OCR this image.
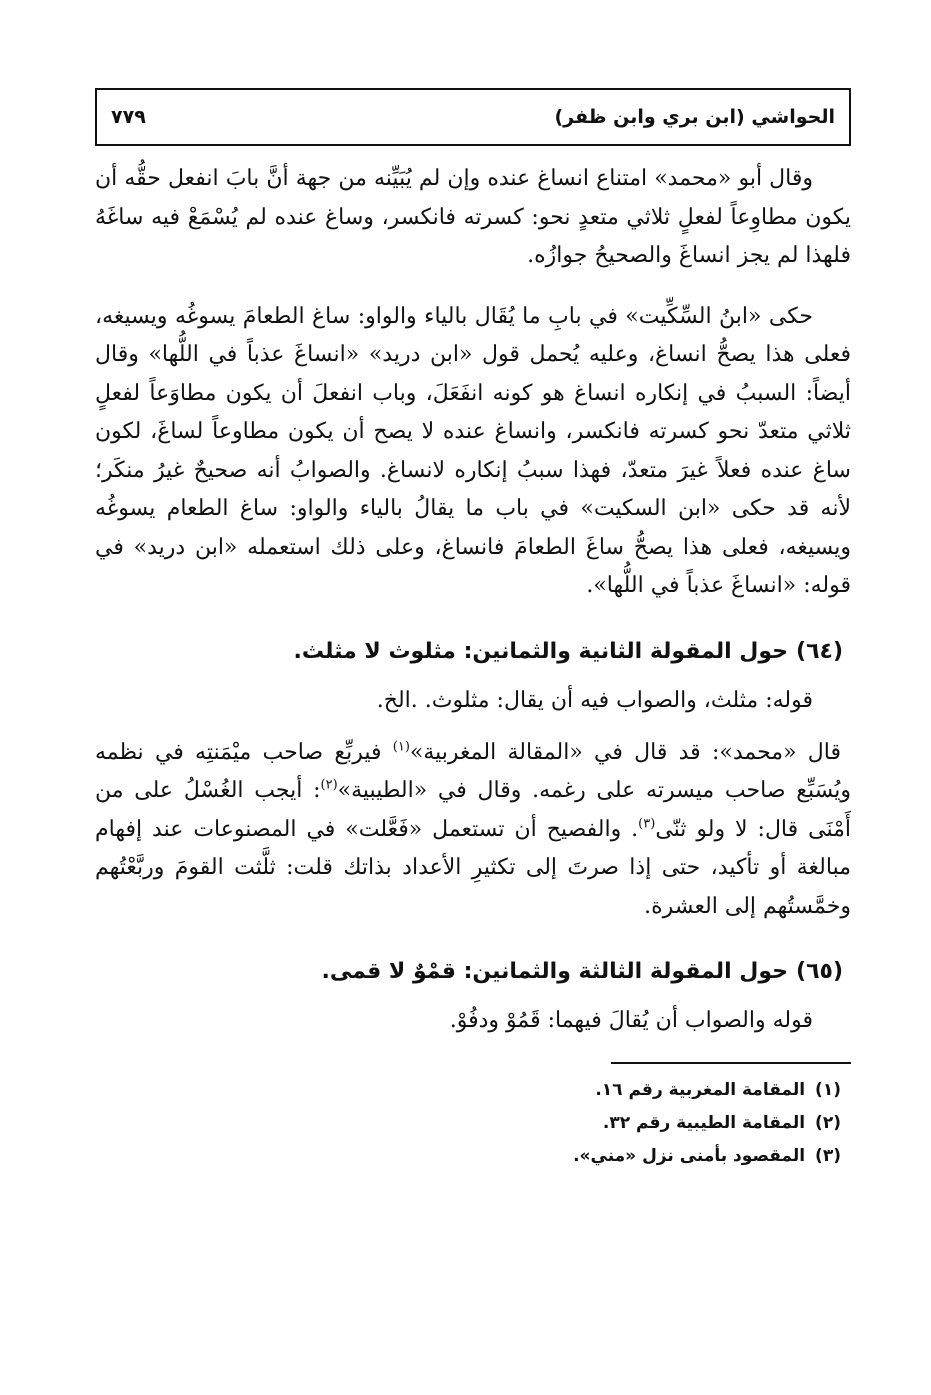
الحواشي (ابن بري وابن ظفر)
٧٧٩

وقال أبو «محمد» امتناع انساغ عنده وإن لم يُبَيِّنه من جهة أنَّ بابَ انفعل حقُّه أن يكون مطاوِعاً لفعلٍ ثلاثي متعدٍ نحو: كسرته فانكسر، وساغ عنده لم يُسْمَعْ فيه ساغَهُ فلهذا لم يجز انساغَ والصحيحُ جوازُه.

حكى «ابنُ السِّكِّيت» في بابِ ما يُقَال بالياء والواو: ساغ الطعامَ يسوغُه ويسيغه، فعلى هذا يصحُّ انساغ، وعليه يُحمل قول «ابن دريد» «انساغَ عذباً في اللُّها» وقال أيضاً: السببُ في إنكاره انساغ هو كونه انفَعَلَ، وباب انفعلَ أن يكون مطاوَعاً لفعلٍ ثلاثي متعدّ نحو كسرته فانكسر، وانساغ عنده لا يصح أن يكون مطاوعاً لساغَ، لكون ساغ عنده فعلاً غيرَ متعدّ، فهذا سببُ إنكاره لانساغ. والصوابُ أنه صحيحٌ غيرُ منكَر؛ لأنه قد حكى «ابن السكيت» في باب ما يقالُ بالياء والواو: ساغ الطعام يسوغُه ويسيغه، فعلى هذا يصحُّ ساغَ الطعامَ فانساغ، وعلى ذلك استعمله «ابن دريد» في قوله: «انساغَ عذباً في اللُّها».

(٦٤)حول المقولة الثانية والثمانين: مثلوث لا مثلث.

قوله: مثلث، والصواب فيه أن يقال: مثلوث. .الخ.

قال «محمد»: قد قال في «المقالة المغربية»$^{(١)}$ فيربِّع صاحب ميْمَنتِه في نظمه ويُسَبِّع صاحب ميسرته على رغمه. وقال في «الطيبية»$^{(٢)}$: أيجب الغُسْلُ على من أَمْنَى قال: لا ولو ثنّى$^{(٣)}$. والفصيح أن تستعمل «فَعَّلت» في المصنوعات عند إفهام مبالغة أو تأكيد، حتى إذا صرتَ إلى تكثيرِ الأعداد بذاتك قلت: ثلَّثت القومَ وربَّعْتُهم وخمَّستُهم إلى العشرة.

(٦٥)حول المقولة الثالثة والثمانين: قمْوٌ لا قمى.

قوله والصواب أن يُقالَ فيهما: قَمُوْ ودفُوْ.

(١)المقامة المغربية رقم ١٦.
(٢)المقامة الطيبية رقم ٣٢.
(٣)المقصود بأمنى نزل «مني».
